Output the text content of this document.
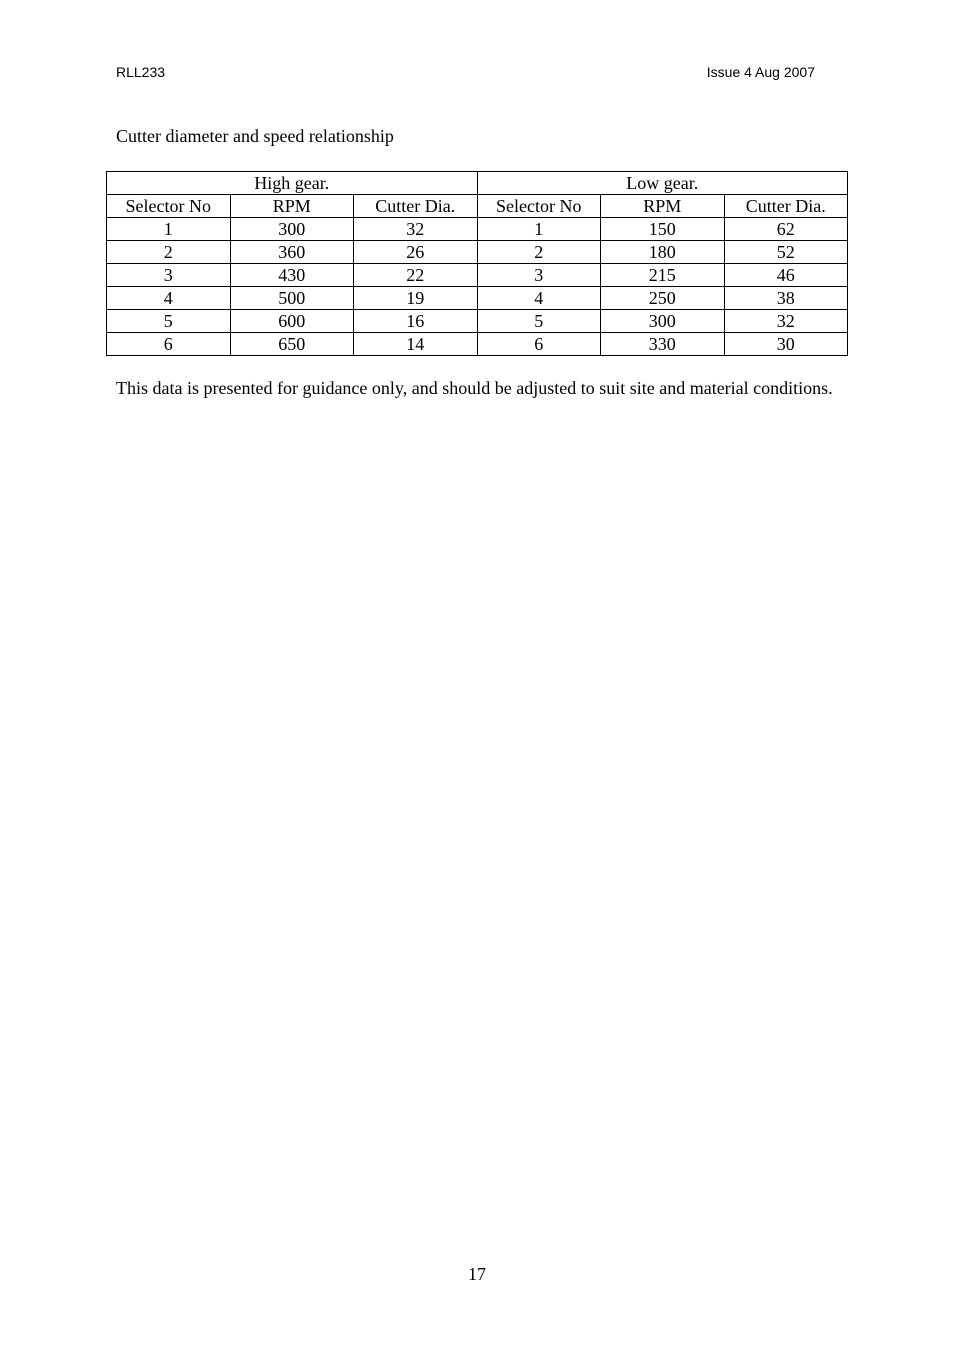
RLL233	Issue 4 Aug 2007
Cutter diameter and speed relationship
High gear.			Low gear.		
Selector No	RPM	Cutter Dia.	Selector No	RPM	Cutter Dia.
1	300	32	1	150	62
2	360	26	2	180	52
3	430	22	3	215	46
4	500	19	4	250	38
5	600	16	5	300	32
6	650	14	6	330	30
This data is presented for guidance only, and should be adjusted to suit site and material conditions.
17
